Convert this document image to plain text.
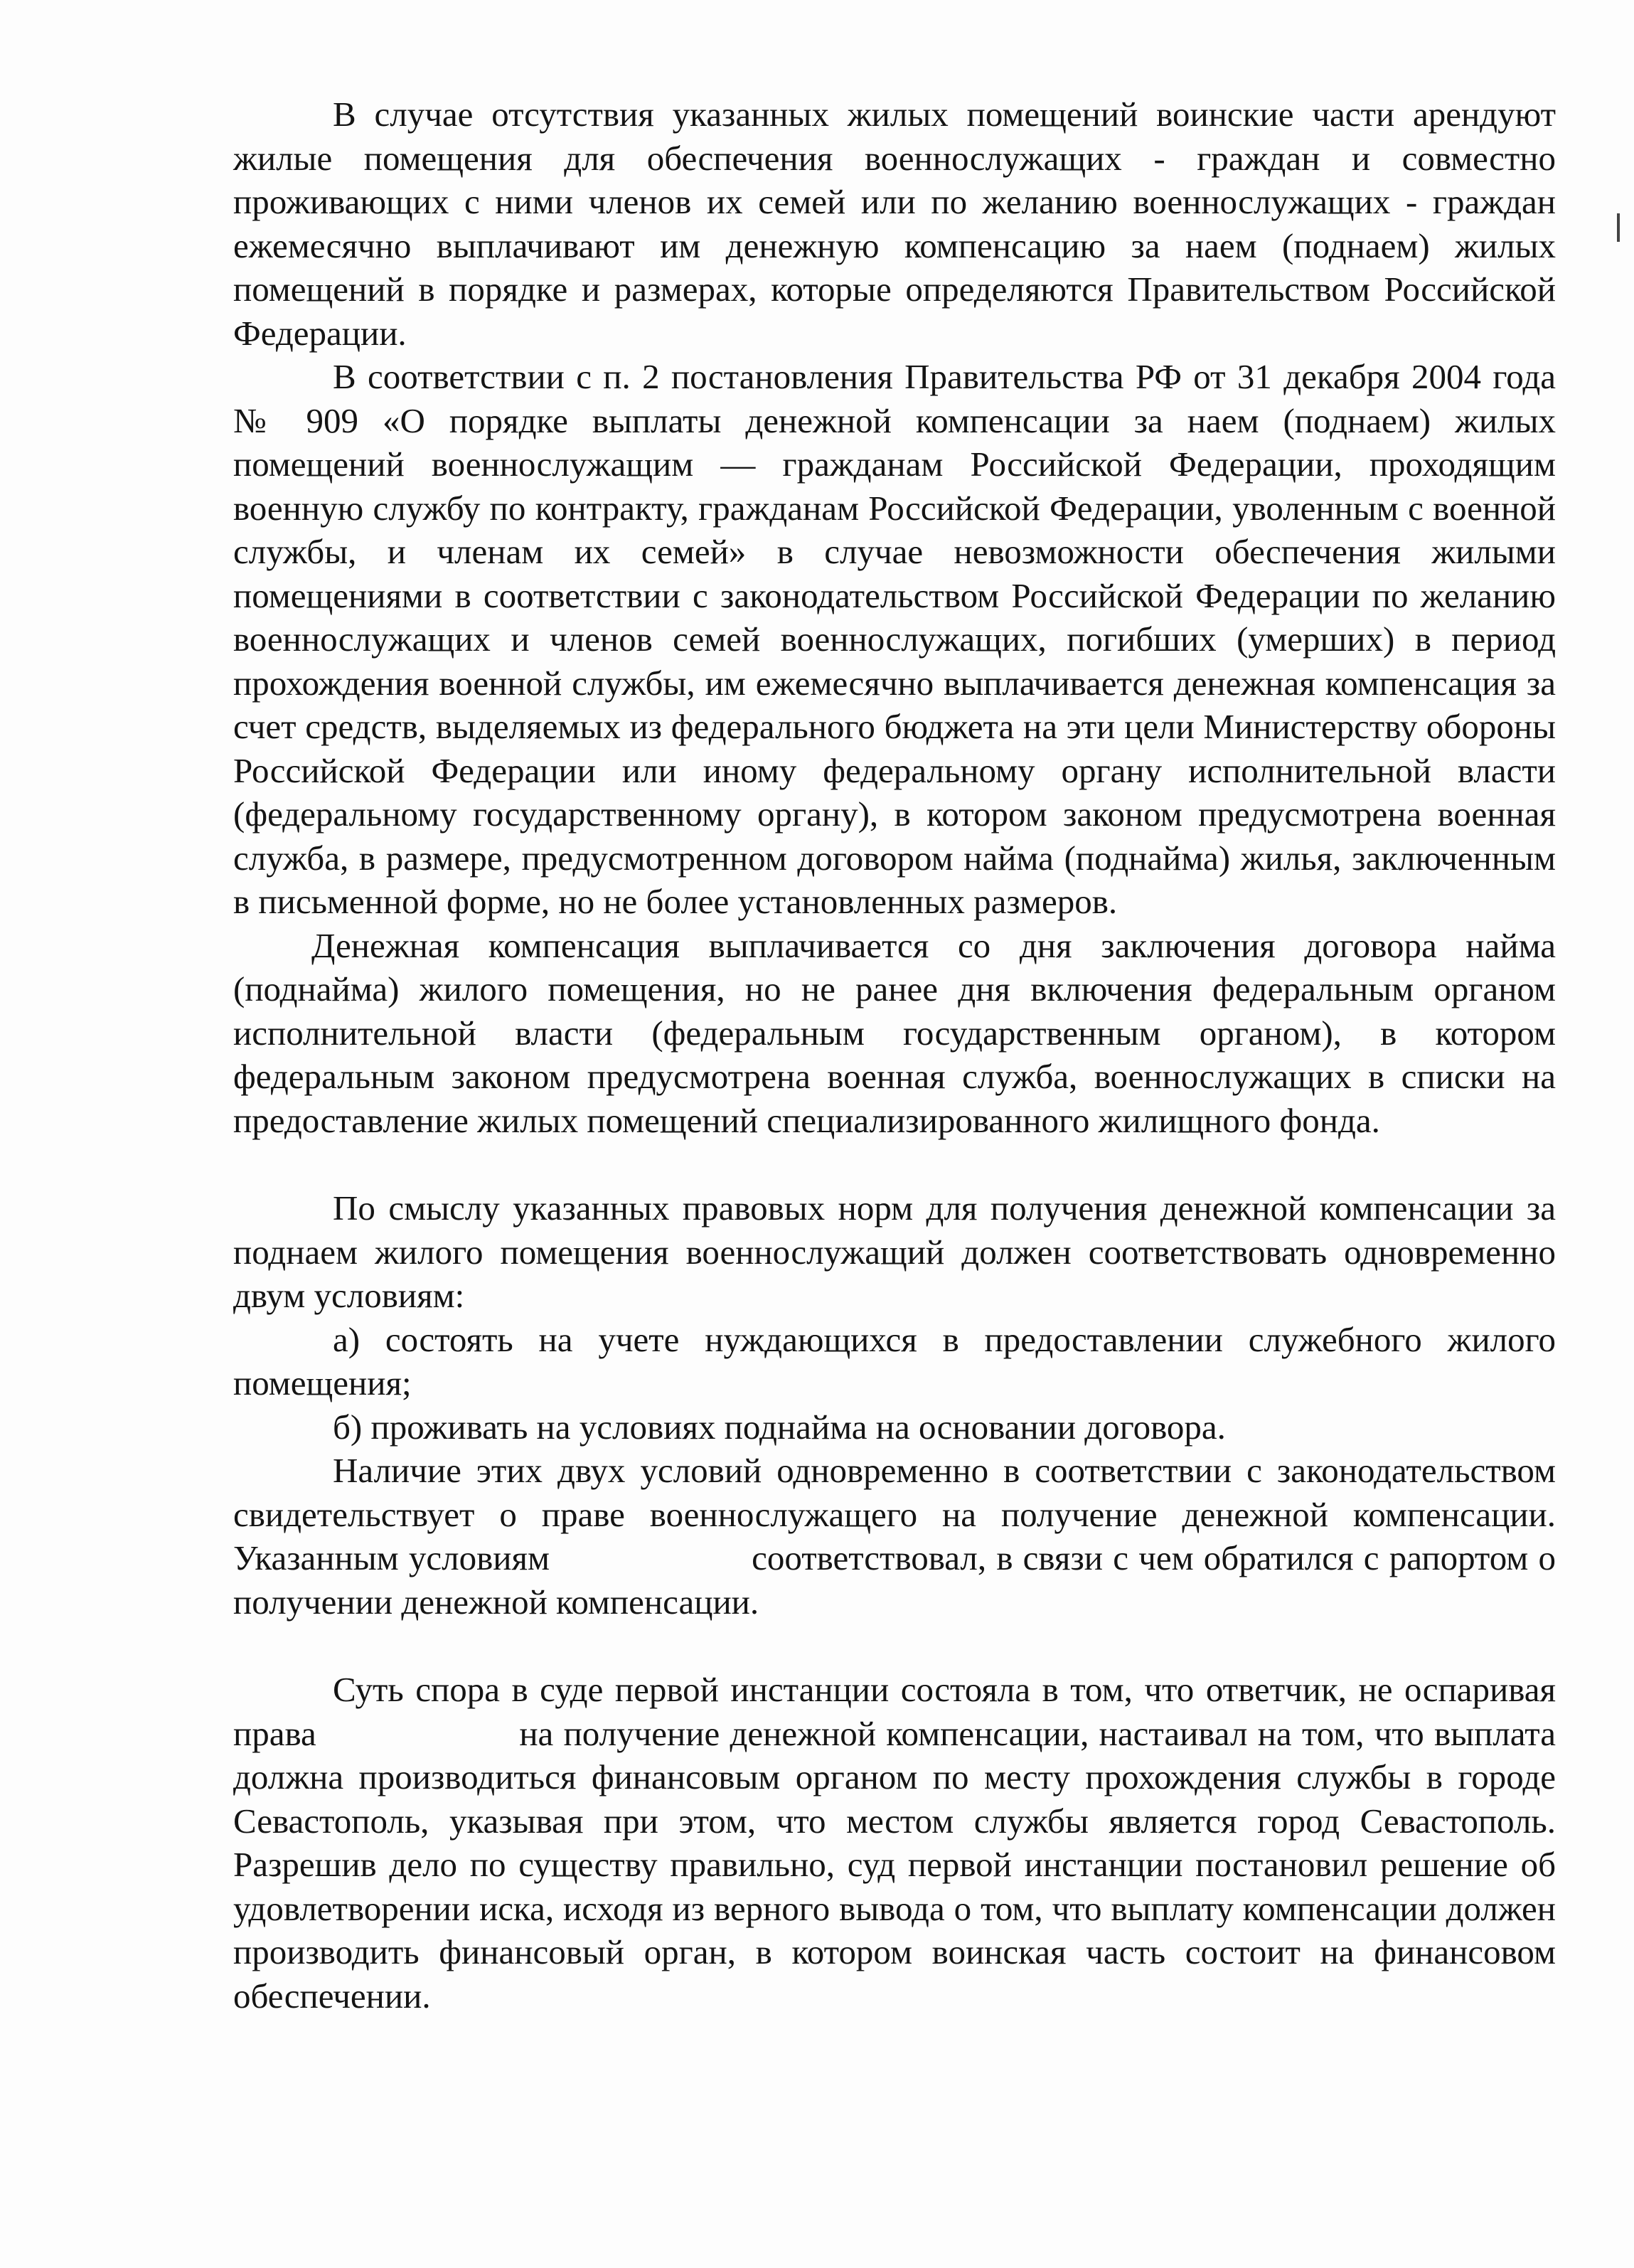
В случае отсутствия указанных жилых помещений воинские части арендуют жилые помещения для обеспечения военнослужащих - граждан и совместно проживающих с ними членов их семей или по желанию военнослужащих - граждан ежемесячно выплачивают им денежную компенсацию за наем (поднаем) жилых помещений в порядке и размерах, которые определяются Правительством Российской Федерации.

В соответствии с п. 2 постановления Правительства РФ от 31 декабря 2004 года № 909 «О порядке выплаты денежной компенсации за наем (поднаем) жилых помещений военнослужащим — гражданам Российской Федерации, проходящим военную службу по контракту, гражданам Российской Федерации, уволенным с военной службы, и членам их семей» в случае невозможности обеспечения жилыми помещениями в соответствии с законодательством Российской Федерации по желанию военнослужащих и членов семей военнослужащих, погибших (умерших) в период прохождения военной службы, им ежемесячно выплачивается денежная компенсация за счет средств, выделяемых из федерального бюджета на эти цели Министерству обороны Российской Федерации или иному федеральному органу исполнительной власти (федеральному государственному органу), в котором законом предусмотрена военная служба, в размере, предусмотренном договором найма (поднайма) жилья, заключенным в письменной форме, но не более установленных размеров.

Денежная компенсация выплачивается со дня заключения договора найма (поднайма) жилого помещения, но не ранее дня включения федеральным органом исполнительной власти (федеральным государственным органом), в котором федеральным законом предусмотрена военная служба, военнослужащих в списки на предоставление жилых помещений специализированного жилищного фонда.

По смыслу указанных правовых норм для получения денежной компенсации за поднаем жилого помещения военнослужащий должен соответствовать одновременно двум условиям:

а) состоять на учете нуждающихся в предоставлении служебного жилого помещения;

б) проживать на условиях поднайма на основании договора.

Наличие этих двух условий одновременно в соответствии с законодательством свидетельствует о праве военнослужащего на получение денежной компенсации. Указанным условиям                    соответствовал, в связи с чем обратился с рапортом о получении денежной компенсации.

Суть спора в суде первой инстанции состояла в том, что ответчик, не оспаривая права                    на получение денежной компенсации, настаивал на том, что выплата должна производиться финансовым органом по месту прохождения службы в городе Севастополь, указывая при этом, что местом службы является город Севастополь. Разрешив дело по существу правильно, суд первой инстанции постановил решение об удовлетворении иска, исходя из верного вывода о том, что выплату компенсации должен производить финансовый орган, в котором воинская часть состоит на финансовом обеспечении.
